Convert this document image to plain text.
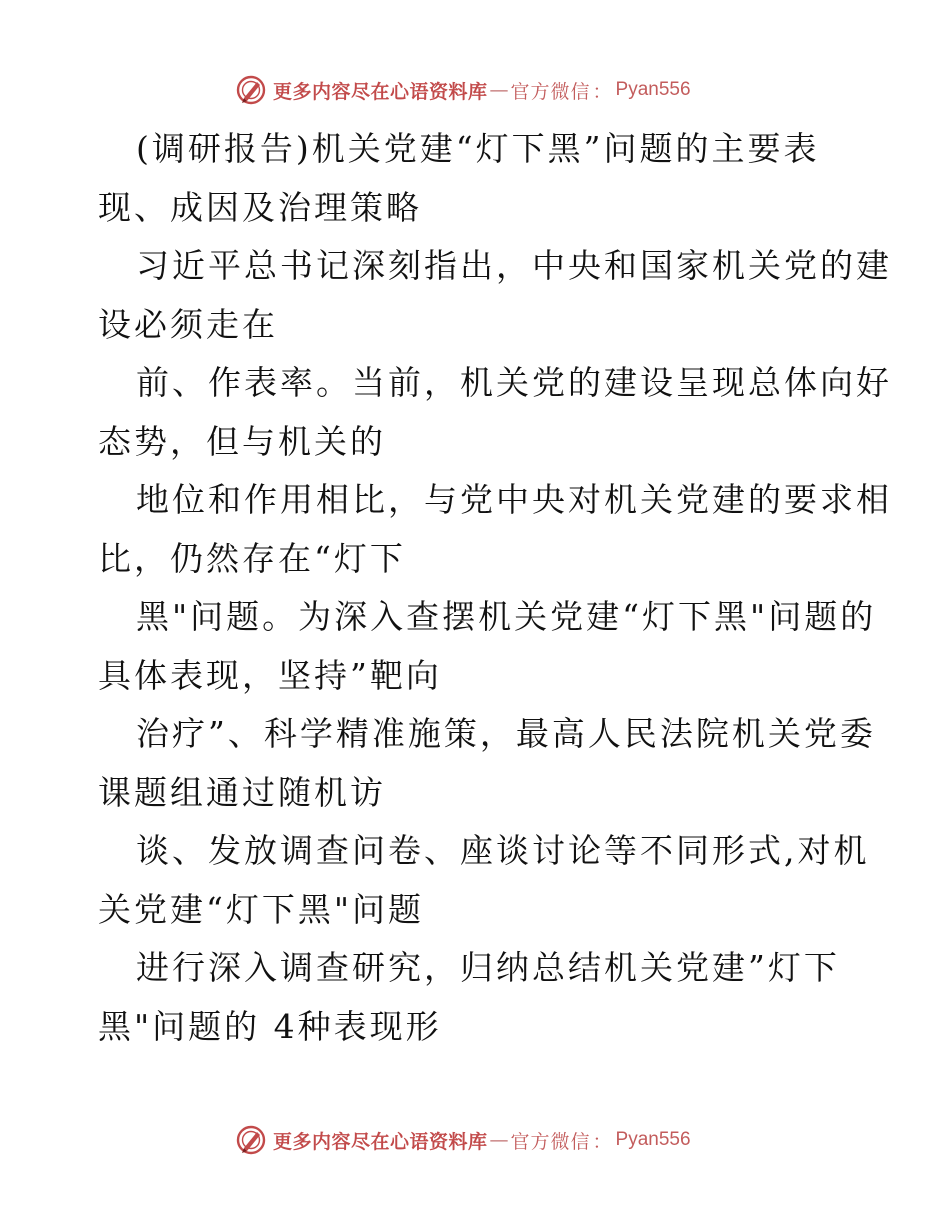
更多内容尽在心语资料库 — 官方微信 ： Pyan556

(调研报告)机关党建“灯下黑”问题的主要表

现、成因及治理策略

习近平总书记深刻指出，中央和国家机关党的建

设必须走在

前、作表率。当前，机关党的建设呈现总体向好

态势，但与机关的

地位和作用相比，与党中央对机关党建的要求相

比，仍然存在“灯下

黑"问题。为深入查摆机关党建“灯下黑"问题的

具体表现，坚持”靶向

治疗”、科学精准施策，最高人民法院机关党委

课题组通过随机访

谈、发放调查问卷、座谈讨论等不同形式,对机

关党建“灯下黑"问题

进行深入调查研究，归纳总结机关党建”灯下

黑"问题的 4种表现形

更多内容尽在心语资料库 — 官方微信 ： Pyan556
